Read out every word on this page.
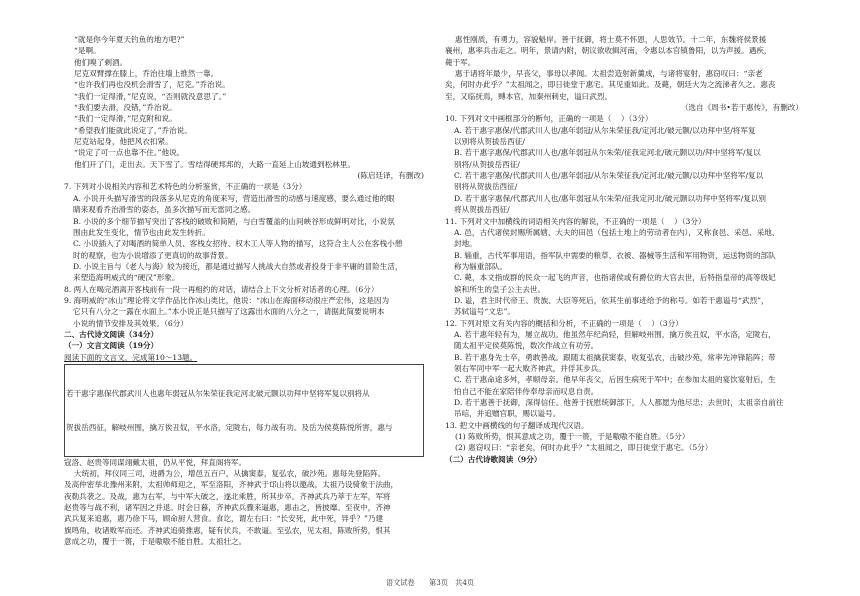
“就是你今年夏天钓鱼的地方吧?”
“是啊。
他们嗅了剩酒。
尼克双臂撑在膝上，乔治往墙上推然一靠。
“也许我们再也没机会滑雪了，尼克。”乔治说。
“我们一定得滑，”尼克说，“否则就没意思了。”
“我们要去滑，没错，”乔治说。
“我们一定得滑，”尼克附和说。
“希望我们能就此说定了，”乔治说。
尼克站起身，他把风衣扣紧。
“说定了可一点也靠不住。”他说。
他们开了门，走出去。天下雪了。雪结得硬邦邦的，大路一直延上山坡通到松林里。
(陈启廷译，有删改)
7. 下列对小说相关内容和艺术特色的分析鉴赏，不正确的一项是（3分）
A. 小说开头描写滑雪的段落多从尼克的角度来写，营造出滑雪的动感与速度感，要么通过他的眼
睛来观看乔治滑雪的姿态，虽多次描写而无雷同之感。
B. 小说的多个细节描写突出了客栈的破败和简陋，与白雪覆盖的山间峡谷形成鲜明对比，小说氛
围由此发生变化，情节也由此发生转折。
C. 小说插入了对喝酒的简单人员、客栈女招待、权木工人等人物的描写，这符合主人公在客栈小憩
时的观察，也为小说增添了更真切的故事背景。
D. 小说主旨与《老人与海》较为接近，都是通过描写人挑战大自然或者投身于非平庸的冒险生活，
来塑造海明威式的“硬汉”形象。
8. 两人在喝完酒离开客栈前有一段一再相约的对话，请结合上下文分析对话者的心理。（6分）
9. 海明威的“冰山”理论将文学作品比作冰山类比，他说：“冰山在海面移动很庄严宏伟，这是因为
它只有八分之一露在水面上。”本小说正是只描写了这露出水面的八分之一，请据此简要说明本
小说的情节安排及其效果。（6分）
二、古代诗文阅读（34分）
（一）文言文阅读（19分）
阅读下面的文言文，完成第10～13题。

若干惠字惠保代郡武川人也惠年弱冠从尔朱荣征我定河北破元颢以功拜中坚将军复以别将从

贺拔岳西征，解岐州围，擒万俟丑奴，平水洛，定陇右，每力战有功。及岳为侯莫陈悦所害，惠与

寇洛、赵贵等同谋翊戴太祖，仍从平悦，拜直阁将军。
大统初，拜仪同三司，进爵为公，增邑五百户，从擒窦泰，复弘农，破沙苑。惠每先登陷阵。
及高仲密举北豫州来附，太祖帅师迎之，军至洛阳，齐神武于邙山将以邀战，太祖乃设骑象于法曲，
夜勒兵袭之。及战，惠为右军，与中军大破之，遂北乘胜，所其步卒。齐神武兵乃萃于左军，军将
赵贵等与战不利，诸军因之并退。时会日暮，齐神武兵骤来逼惠，惠击之，皆披靡。至夜中，齐神
武兵复来追惠，惠乃徐下马，顾命厨人营食。食讫，谓左右曰：“长安死，此中死，异乎？”乃建
旗鸣角，收诸败军而还。齐神武追骑推惠，疑有伏兵，不敢逼。至弘农，见太祖，陈败所势，恨其
意成之功，覆于一篑，于是嗷嗷不能自胜。太祖壮之。
惠性刚质，有勇力，容貌魁岸。善于抚御，将士莫不怀恩，人思效节。十二年，东魏将侯景援
襄州，惠率兵击走之。明年，景请内附，朝议欲收辑河南，令惠以本官镇鲁阳，以为声援。遇疾，
薨于军。
惠于诸将年最少，早丧父，事母以孝闻。太祖尝造射新羹成，与诸将宴射，惠窃叹曰：“亲老
矣，何时办此乎？”太祖闻之，即日徙堂于惠宅。其见重如此。及薨，朝廷大为之流涕者久之。惠丧
至，又临抚焉，赙本官，加秦州刺史，谥曰武烈。
（选自《周书•若干惠传》，有删改）
10. 下列对文中画框部分的断句，正确的一项是（    ）（3分）
A. 若干惠字惠保/代郡武川人也/惠年弱冠/从尔朱荣征我/定河北/破元颢/以功拜中坚/将军复
以别将从贺拔岳西征/
B. 若干惠字惠保/代郡武川人也/惠年弱冠从尔朱荣/征我定河北/破元颢以功/拜中坚将军/复以
别将/从贺拔岳西征/
C. 若干惠字惠保/代郡武川人也/惠年弱冠/从尔朱荣征我/定河北/破元颢/以功拜中坚将军/复以
别将从贺拔岳西征/
D. 若干惠字惠保/代郡武川人也/惠年弱冠从尔朱荣/征我定河北/破元颢以功拜中坚将军/复以别
将从贺拔岳西征/
11. 下列对文中加横线的词语相关内容的解说，不正确的一项是（    ）（3分）
A. 邑，古代诸侯封赐所属辖、大夫的田邑（包括土地上的劳动者在内），又称食邑、采邑、采地、
封地。
B. 辎重，古代军事用语，指军队中需要的粮草、衣被、器械等生活和军用物资，运送物资的部队
称为辎重部队。
C. 薨，本文指成群的民众一起飞的声音，也指诸侯或有爵位的大官去世，后特指皇帝的高等级妃
嫔和所生的皇子公主去世。
D. 谥，君主时代帝王、贵族、大臣等死后，依其生前事迹给予的称号。如若干惠谥号“武烈”，
苏轼谥号“文忠”。
12. 下列对原文有关内容的概括和分析，不正确的一项是（    ）（3分）
A. 若干惠年轻有为，屡立战功。他虽然年纪尚轻，但解岐州围，擒万俟丑奴，平水洛，定陇右，
随太祖平定侯莫陈悦，数次作战立有功劳。
B. 若干惠身先士卒，勇敢善战。跟随太祖擒获窦泰，收复弘农，击破沙苑，常率先冲锋陷阵；带
领右军同中军一起大败齐神武，并俘其步兵。
C. 若干惠命途多舛，孝顺母亲。他早年丧父，后因生病死于军中；在参加太祖的宴饮宴射后，生
怕自己不能在家陪伴侍奉母亲而叹息自责。
D. 若干惠善于抚御，深得信任。他善于抚慰统御部下，人人都愿为他尽忠；去世时，太祖亲自前往
吊唁，并追赠官职，赐以谥号。
13. 把文中画横线的句子翻译成现代汉语。
(1) 陈败所势，恨其意成之功，覆于一篑，于是嗷嗷不能自胜。（5分）
(2) 惠窃叹曰：“亲老矣，何时办此乎？”太祖闻之，即日徙堂于惠宅。（5分）
（二）古代诗歌阅读（9分）
语文试卷　　第3页　共4页
